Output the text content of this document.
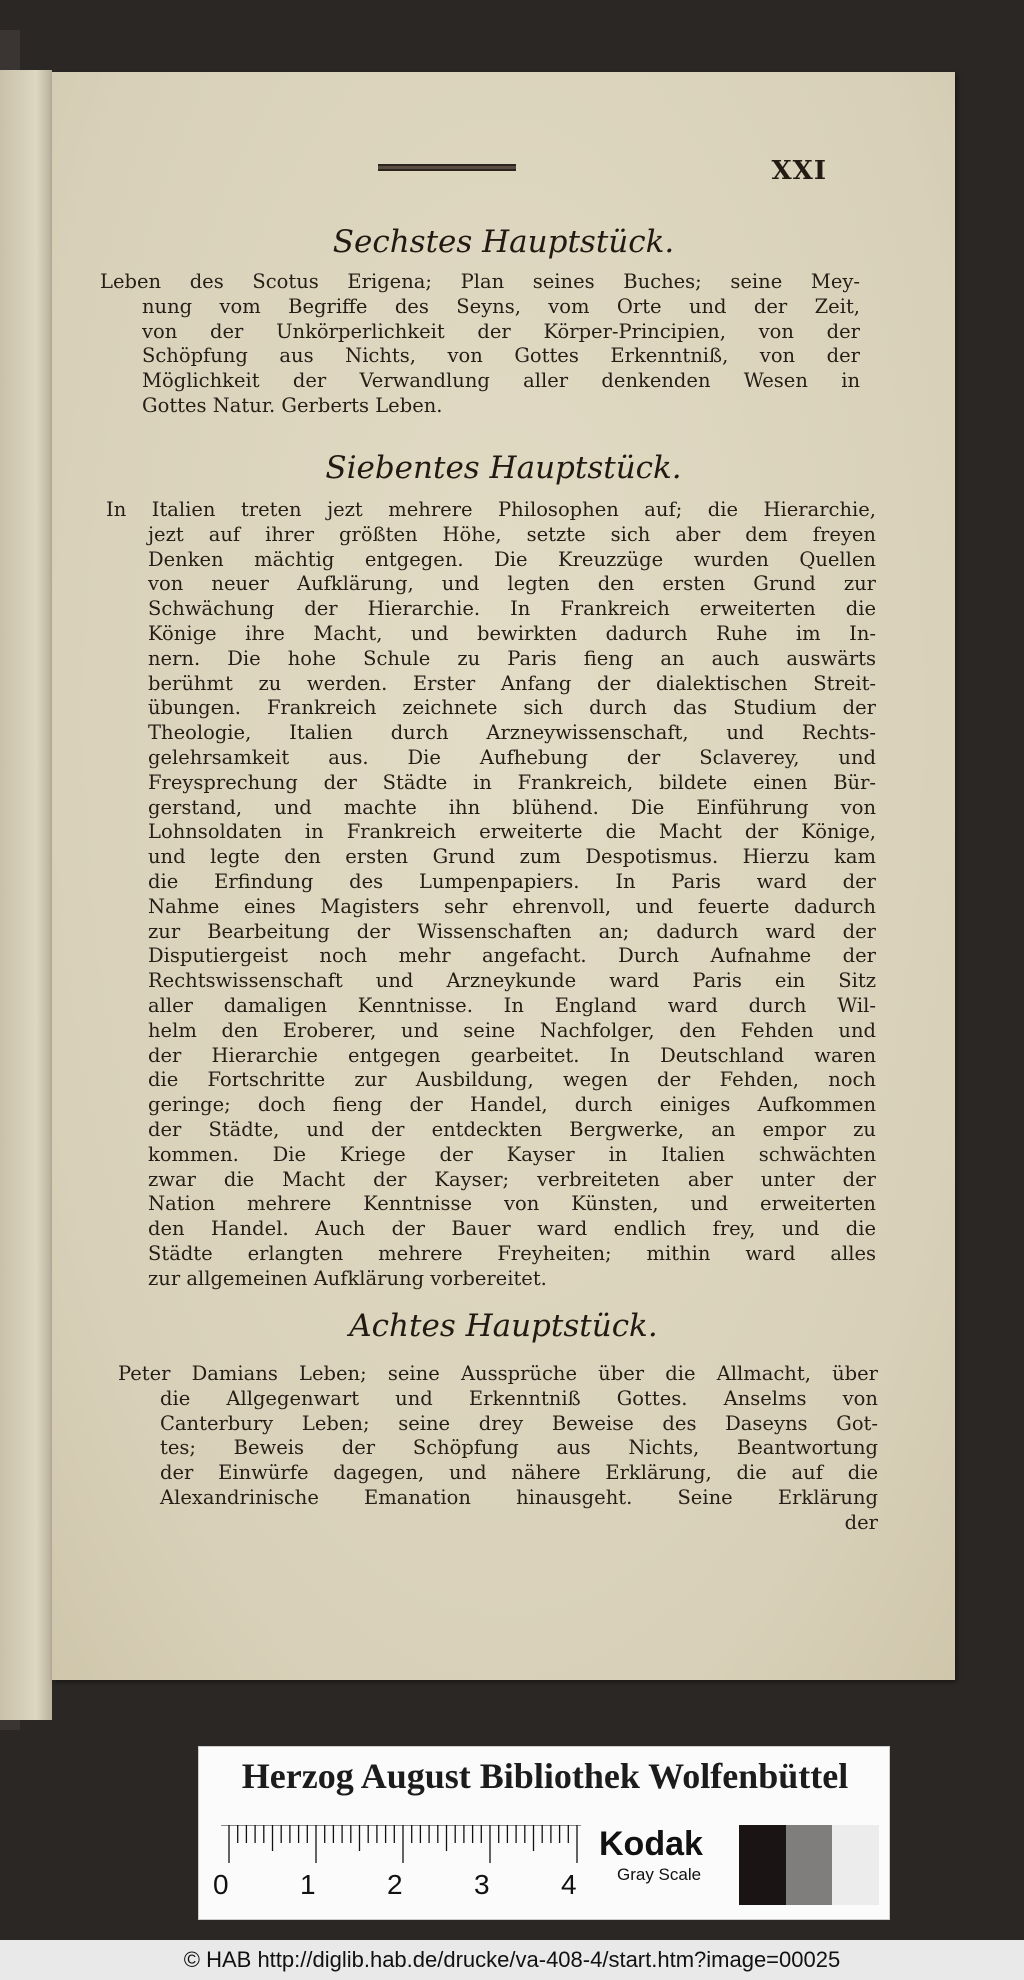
XXI
Sechstes Hauptstück.
Leben des Scotus Erigena; Plan seines Buches; seine Mey-
nung vom Begriffe des Seyns, vom Orte und der Zeit,
von der Unkörperlichkeit der Körper-Principien, von der
Schöpfung aus Nichts, von Gottes Erkenntniß, von der
Möglichkeit der Verwandlung aller denkenden Wesen in
Gottes Natur. Gerberts Leben.
Siebentes Hauptstück.
In Italien treten jezt mehrere Philosophen auf; die Hierarchie,
jezt auf ihrer größten Höhe, setzte sich aber dem freyen
Denken mächtig entgegen. Die Kreuzzüge wurden Quellen
von neuer Aufklärung, und legten den ersten Grund zur
Schwächung der Hierarchie. In Frankreich erweiterten die
Könige ihre Macht, und bewirkten dadurch Ruhe im In-
nern. Die hohe Schule zu Paris fieng an auch auswärts
berühmt zu werden. Erster Anfang der dialektischen Streit-
übungen. Frankreich zeichnete sich durch das Studium der
Theologie, Italien durch Arzneywissenschaft, und Rechts-
gelehrsamkeit aus. Die Aufhebung der Sclaverey, und
Freysprechung der Städte in Frankreich, bildete einen Bür-
gerstand, und machte ihn blühend. Die Einführung von
Lohnsoldaten in Frankreich erweiterte die Macht der Könige,
und legte den ersten Grund zum Despotismus. Hierzu kam
die Erfindung des Lumpenpapiers. In Paris ward der
Nahme eines Magisters sehr ehrenvoll, und feuerte dadurch
zur Bearbeitung der Wissenschaften an; dadurch ward der
Disputiergeist noch mehr angefacht. Durch Aufnahme der
Rechtswissenschaft und Arzneykunde ward Paris ein Sitz
aller damaligen Kenntnisse. In England ward durch Wil-
helm den Eroberer, und seine Nachfolger, den Fehden und
der Hierarchie entgegen gearbeitet. In Deutschland waren
die Fortschritte zur Ausbildung, wegen der Fehden, noch
geringe; doch fieng der Handel, durch einiges Aufkommen
der Städte, und der entdeckten Bergwerke, an empor zu
kommen. Die Kriege der Kayser in Italien schwächten
zwar die Macht der Kayser; verbreiteten aber unter der
Nation mehrere Kenntnisse von Künsten, und erweiterten
den Handel. Auch der Bauer ward endlich frey, und die
Städte erlangten mehrere Freyheiten; mithin ward alles
zur allgemeinen Aufklärung vorbereitet.
Achtes Hauptstück.
Peter Damians Leben; seine Aussprüche über die Allmacht, über
die Allgegenwart und Erkenntniß Gottes. Anselms von
Canterbury Leben; seine drey Beweise des Daseyns Got-
tes; Beweis der Schöpfung aus Nichts, Beantwortung
der Einwürfe dagegen, und nähere Erklärung, die auf die
Alexandrinische Emanation hinausgeht. Seine Erklärung
der
Herzog August Bibliothek Wolfenbüttel
0	1	2	3	4
Kodak
Gray Scale
© HAB http://diglib.hab.de/drucke/va-408-4/start.htm?image=00025
